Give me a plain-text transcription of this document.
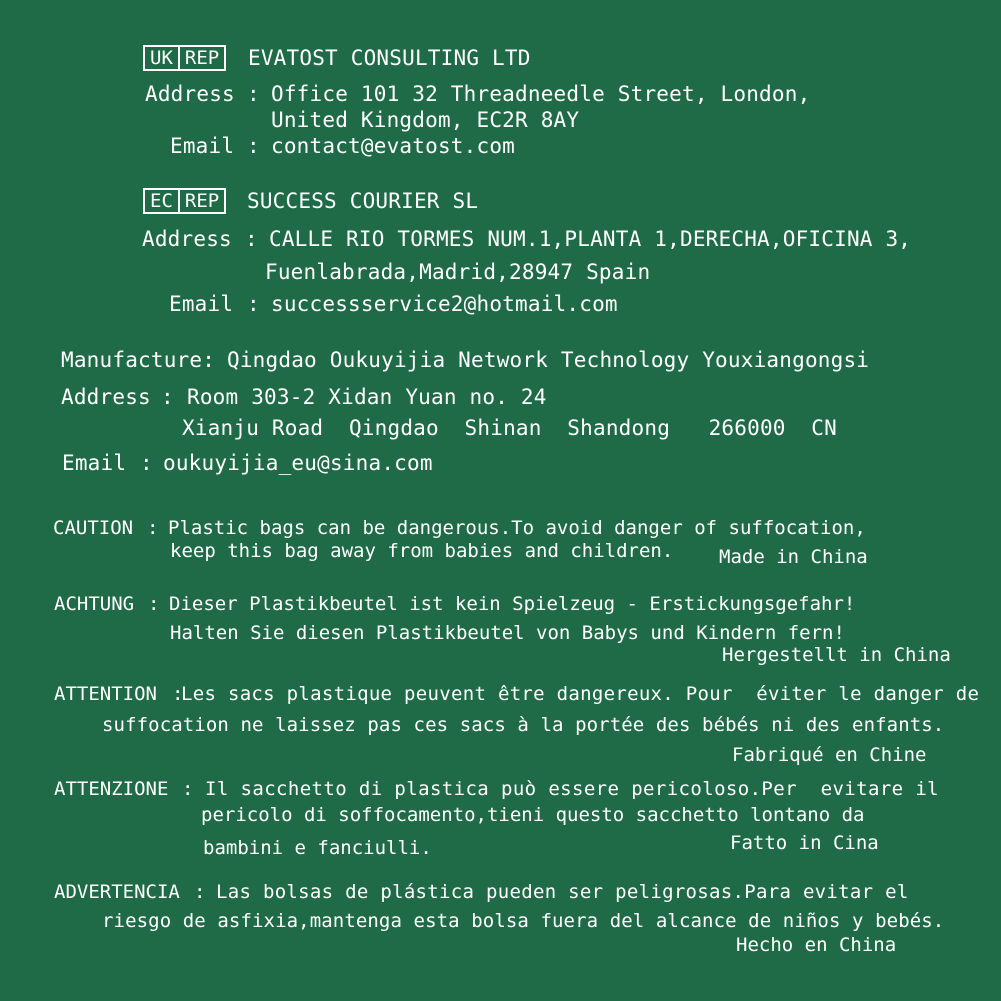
UK REP EVATOST CONSULTING LTD
Address : Office 101 32 Threadneedle Street, London,
United Kingdom, EC2R 8AY
Email : contact@evatost.com
EC REP SUCCESS COURIER SL
Address : CALLE RIO TORMES NUM.1,PLANTA 1,DERECHA,OFICINA 3,
Fuenlabrada,Madrid,28947 Spain
Email : successservice2@hotmail.com
Manufacture: Qingdao Oukuyijia Network Technology Youxiangongsi
Address : Room 303-2 Xidan Yuan no. 24
Xianju Road  Qingdao  Shinan  Shandong   266000  CN
Email : oukuyijia_eu@sina.com
CAUTION : Plastic bags can be dangerous.To avoid danger of suffocation,
keep this bag away from babies and children. Made in China
ACHTUNG : Dieser Plastikbeutel ist kein Spielzeug - Erstickungsgefahr!
Halten Sie diesen Plastikbeutel von Babys und Kindern fern!
Hergestellt in China
ATTENTION :
Les sacs plastique peuvent être dangereux. Pour  éviter le danger de
suffocation ne laissez pas ces sacs à la portée des bébés ni des enfants.
Fabriqué en Chine
ATTENZIONE : Il sacchetto di plastica può essere pericoloso.Per  evitare il
pericolo di soffocamento,tieni questo sacchetto lontano da
bambini e fanciulli.	Fatto in Cina
ADVERTENCIA : Las bolsas de plástica pueden ser peligrosas.Para evitar el
riesgo de asfixia,mantenga esta bolsa fuera del alcance de niños y bebés.
Hecho en China
